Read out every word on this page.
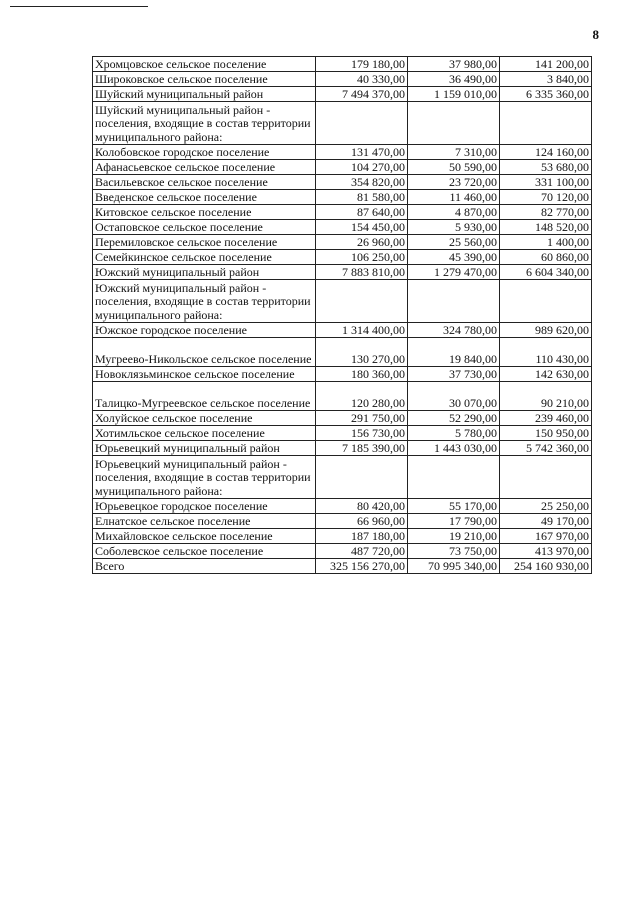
8
Хромцовское сельское поселение	179 180,00	37 980,00	141 200,00
Широковское сельское поселение	40 330,00	36 490,00	3 840,00
Шуйский муниципальный район	7 494 370,00	1 159 010,00	6 335 360,00
Шуйский муниципальный район - поселения, входящие в состав территории муниципального района:			
Колобовское городское поселение	131 470,00	7 310,00	124 160,00
Афанасьевское сельское поселение	104 270,00	50 590,00	53 680,00
Васильевское сельское поселение	354 820,00	23 720,00	331 100,00
Введенское сельское поселение	81 580,00	11 460,00	70 120,00
Китовское сельское поселение	87 640,00	4 870,00	82 770,00
Остаповское сельское поселение	154 450,00	5 930,00	148 520,00
Перемиловское сельское поселение	26 960,00	25 560,00	1 400,00
Семейкинское сельское поселение	106 250,00	45 390,00	60 860,00
Южский муниципальный район	7 883 810,00	1 279 470,00	6 604 340,00
Южский муниципальный район - поселения, входящие в состав территории муниципального района:			
Южское городское поселение	1 314 400,00	324 780,00	989 620,00
Мугреево-Никольское сельское поселение	130 270,00	19 840,00	110 430,00
Новоклязьминское сельское поселение	180 360,00	37 730,00	142 630,00
Талицко-Мугреевское сельское поселение	120 280,00	30 070,00	90 210,00
Холуйское сельское поселение	291 750,00	52 290,00	239 460,00
Хотимльское сельское поселение	156 730,00	5 780,00	150 950,00
Юрьевецкий муниципальный район	7 185 390,00	1 443 030,00	5 742 360,00
Юрьевецкий муниципальный район - поселения, входящие в состав территории муниципального района:			
Юрьевецкое городское поселение	80 420,00	55 170,00	25 250,00
Елнатское сельское поселение	66 960,00	17 790,00	49 170,00
Михайловское сельское поселение	187 180,00	19 210,00	167 970,00
Соболевское сельское поселение	487 720,00	73 750,00	413 970,00
Всего	325 156 270,00	70 995 340,00	254 160 930,00
